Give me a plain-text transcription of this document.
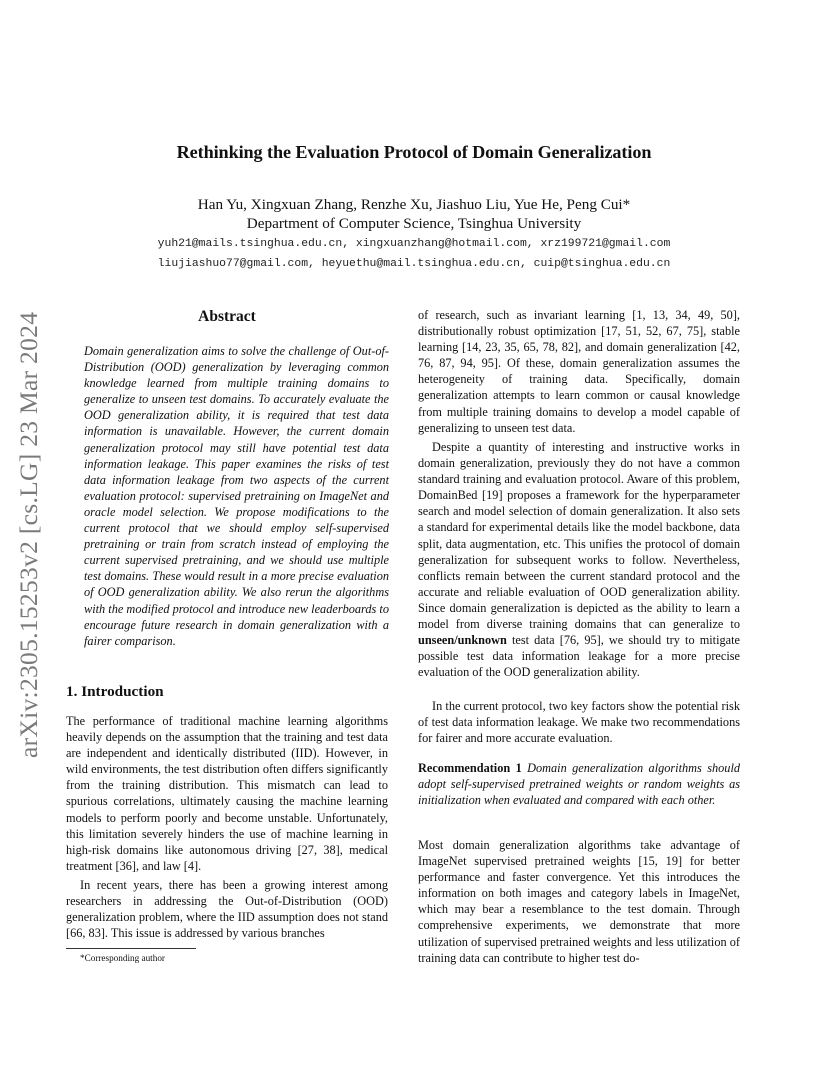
arXiv:2305.15253v2 [cs.LG] 23 Mar 2024
Rethinking the Evaluation Protocol of Domain Generalization
Han Yu, Xingxuan Zhang, Renzhe Xu, Jiashuo Liu, Yue He, Peng Cui*
Department of Computer Science, Tsinghua University
yuh21@mails.tsinghua.edu.cn, xingxuanzhang@hotmail.com, xrz199721@gmail.com
liujiashuo77@gmail.com, heyuethu@mail.tsinghua.edu.cn, cuip@tsinghua.edu.cn
Abstract

Domain generalization aims to solve the challenge of Out-of-Distribution (OOD) generalization by leveraging common knowledge learned from multiple training domains to generalize to unseen test domains. To accurately evaluate the OOD generalization ability, it is required that test data information is unavailable. However, the current domain generalization protocol may still have potential test data information leakage. This paper examines the risks of test data information leakage from two aspects of the current evaluation protocol: supervised pretraining on ImageNet and oracle model selection. We propose modifications to the current protocol that we should employ self-supervised pretraining or train from scratch instead of employing the current supervised pretraining, and we should use multiple test domains. These would result in a more precise evaluation of OOD generalization ability. We also rerun the algorithms with the modified protocol and introduce new leaderboards to encourage future research in domain generalization with a fairer comparison.

1. Introduction

The performance of traditional machine learning algorithms heavily depends on the assumption that the training and test data are independent and identically distributed (IID). However, in wild environments, the test distribution often differs significantly from the training distribution. This mismatch can lead to spurious correlations, ultimately causing the machine learning models to perform poorly and become unstable. Unfortunately, this limitation severely hinders the use of machine learning in high-risk domains like autonomous driving [27, 38], medical treatment [36], and law [4].

In recent years, there has been a growing interest among researchers in addressing the Out-of-Distribution (OOD) generalization problem, where the IID assumption does not stand [66, 83]. This issue is addressed by various branches

*Corresponding author

of research, such as invariant learning [1, 13, 34, 49, 50], distributionally robust optimization [17, 51, 52, 67, 75], stable learning [14, 23, 35, 65, 78, 82], and domain generalization [42, 76, 87, 94, 95]. Of these, domain generalization assumes the heterogeneity of training data. Specifically, domain generalization attempts to learn common or causal knowledge from multiple training domains to develop a model capable of generalizing to unseen test data.

Despite a quantity of interesting and instructive works in domain generalization, previously they do not have a common standard training and evaluation protocol. Aware of this problem, DomainBed [19] proposes a framework for the hyperparameter search and model selection of domain generalization. It also sets a standard for experimental details like the model backbone, data split, data augmentation, etc. This unifies the protocol of domain generalization for subsequent works to follow. Nevertheless, conflicts remain between the current standard protocol and the accurate and reliable evaluation of OOD generalization ability. Since domain generalization is depicted as the ability to learn a model from diverse training domains that can generalize to unseen/unknown test data [76, 95], we should try to mitigate possible test data information leakage for a more precise evaluation of the OOD generalization ability.

In the current protocol, two key factors show the potential risk of test data information leakage. We make two recommendations for fairer and more accurate evaluation.

Recommendation 1 Domain generalization algorithms should adopt self-supervised pretrained weights or random weights as initialization when evaluated and compared with each other.

Most domain generalization algorithms take advantage of ImageNet supervised pretrained weights [15, 19] for better performance and faster convergence. Yet this introduces the information on both images and category labels in ImageNet, which may bear a resemblance to the test domain. Through comprehensive experiments, we demonstrate that more utilization of supervised pretrained weights and less utilization of training data can contribute to higher test do-
